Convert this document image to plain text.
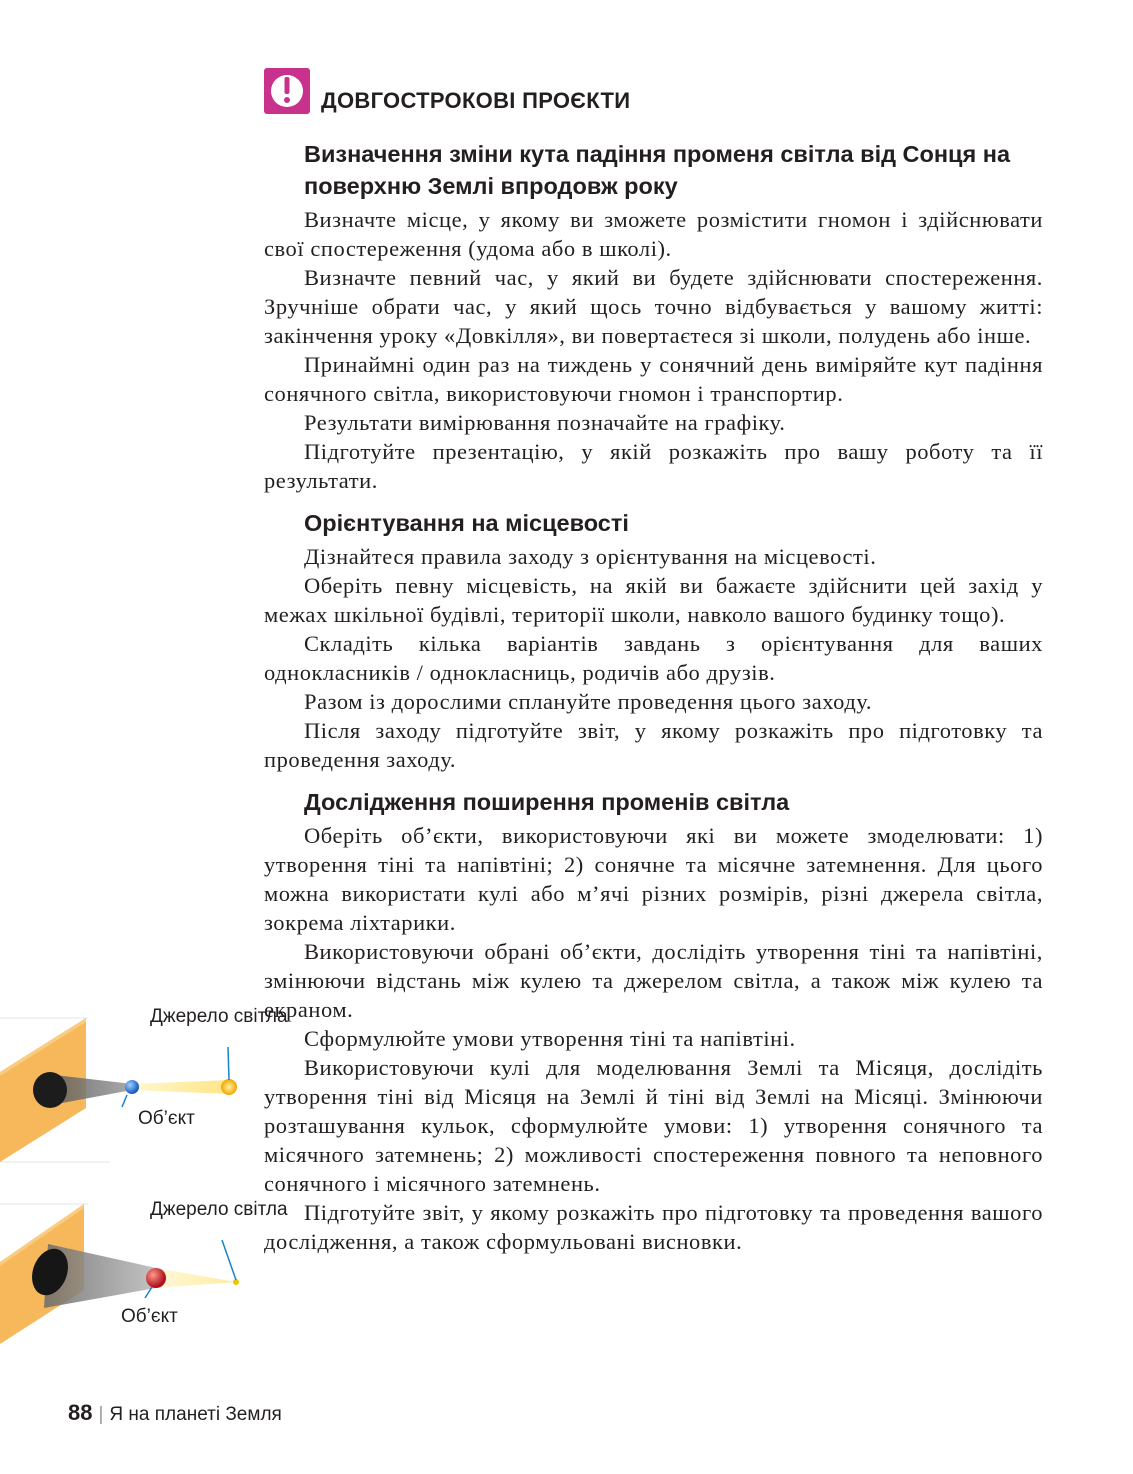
ДОВГОСТРОКОВІ ПРОЄКТИ
Визначення зміни кута падіння променя світла від Сонця на поверхню Землі впродовж року

Визначте місце, у якому ви зможете розмістити гномон і здійснювати свої спостереження (удома або в школі).

Визначте певний час, у який ви будете здійснювати спостереження. Зручніше обрати час, у який щось точно відбувається у вашому житті: закінчення уроку «Довкілля», ви повертаєтеся зі школи, полудень або інше.

Принаймні один раз на тиждень у сонячний день виміряйте кут падіння сонячного світла, використовуючи гномон і транспортир.

Результати вимірювання позначайте на графіку.

Підготуйте презентацію, у якій розкажіть про вашу роботу та її результати.

Орієнтування на місцевості

Дізнайтеся правила заходу з орієнтування на місцевості.

Оберіть певну місцевість, на якій ви бажаєте здійснити цей захід у межах шкільної будівлі, території школи, навколо вашого будинку тощо).

Складіть кілька варіантів завдань з орієнтування для ваших однокласників / однокласниць, родичів або друзів.

Разом із дорослими сплануйте проведення цього заходу.

Після заходу підготуйте звіт, у якому розкажіть про підготовку та проведення заходу.

Дослідження поширення променів світла

Оберіть об’єкти, використовуючи які ви можете змоделювати: 1) утворення тіні та напівтіні; 2) сонячне та місячне затемнення. Для цього можна використати кулі або м’ячі різних розмірів, різні джерела світла, зокрема ліхтарики.

Використовуючи обрані об’єкти, дослідіть утворення тіні та напівтіні, змінюючи відстань між кулею та джерелом світла, а також між кулею та екраном.

Сформулюйте умови утворення тіні та напівтіні.

Використовуючи кулі для моделювання Землі та Місяця, дослідіть утворення тіні від Місяця на Землі й тіні від Землі на Місяці. Змінюючи розташування кульок, сформулюйте умови: 1) утворення сонячного та місячного затемнень; 2) можливості спостереження повного та неповного сонячного і місячного затемнень.

Підготуйте звіт, у якому розкажіть про підготовку та проведення вашого дослідження, а також сформульовані висновки.

Джерело світла
Об’єкт
Джерело світла
Об’єкт
88 | Я на планеті Земля
